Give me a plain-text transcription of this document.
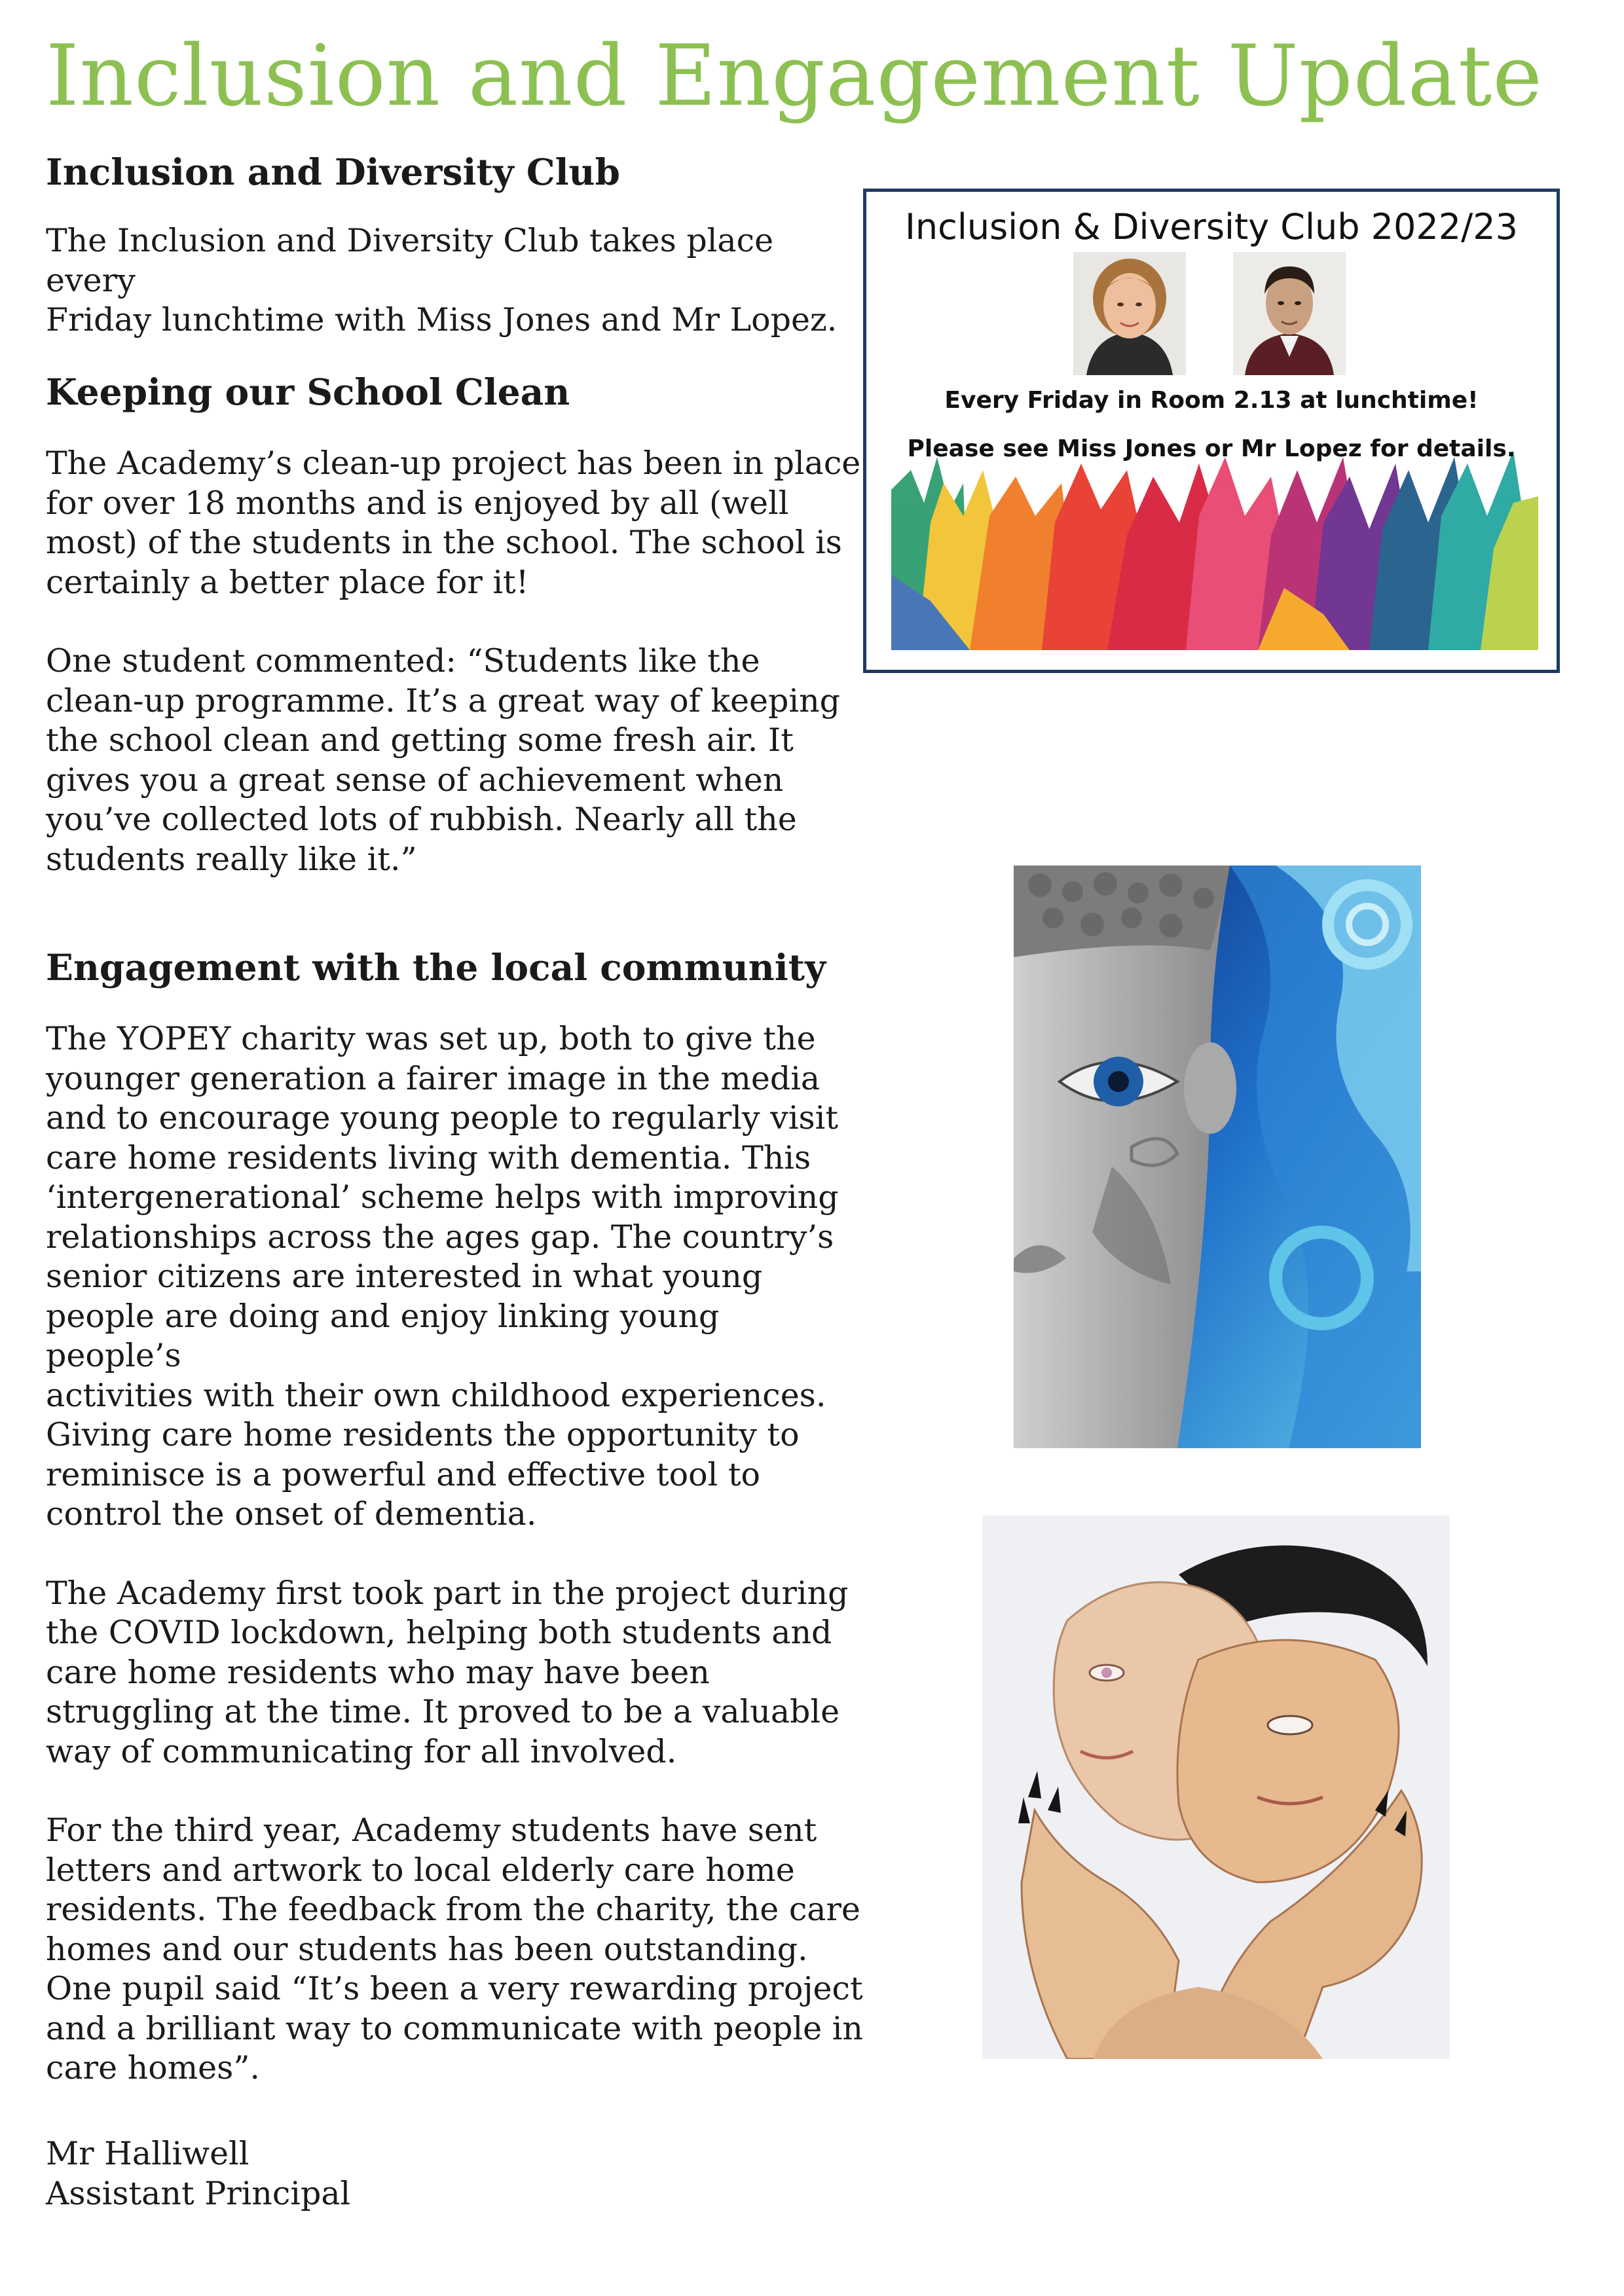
Inclusion and Engagement Update
Inclusion and Diversity Club

The Inclusion and Diversity Club takes place every
Friday lunchtime with Miss Jones and Mr Lopez.

Keeping our School Clean

The Academy’s clean-up project has been in place
for over 18 months and is enjoyed by all (well
most) of the students in the school. The school is
certainly a better place for it!

One student commented: “Students like the
clean-up programme. It’s a great way of keeping
the school clean and getting some fresh air. It
gives you a great sense of achievement when
you’ve collected lots of rubbish. Nearly all the
students really like it.”

Engagement with the local community

The YOPEY charity was set up, both to give the
younger generation a fairer image in the media
and to encourage young people to regularly visit
care home residents living with dementia. This
‘intergenerational’ scheme helps with improving
relationships across the ages gap. The country’s
senior citizens are interested in what young
people are doing and enjoy linking young people’s
activities with their own childhood experiences.
Giving care home residents the opportunity to
reminisce is a powerful and effective tool to
control the onset of dementia.

The Academy first took part in the project during
the COVID lockdown, helping both students and
care home residents who may have been
struggling at the time. It proved to be a valuable
way of communicating for all involved.

For the third year, Academy students have sent
letters and artwork to local elderly care home
residents. The feedback from the charity, the care
homes and our students has been outstanding.
One pupil said “It’s been a very rewarding project
and a brilliant way to communicate with people in
care homes”.

Mr Halliwell
Assistant Principal
Inclusion & Diversity Club 2022/23
Every Friday in Room 2.13 at lunchtime!
Please see Miss Jones or Mr Lopez for details.
